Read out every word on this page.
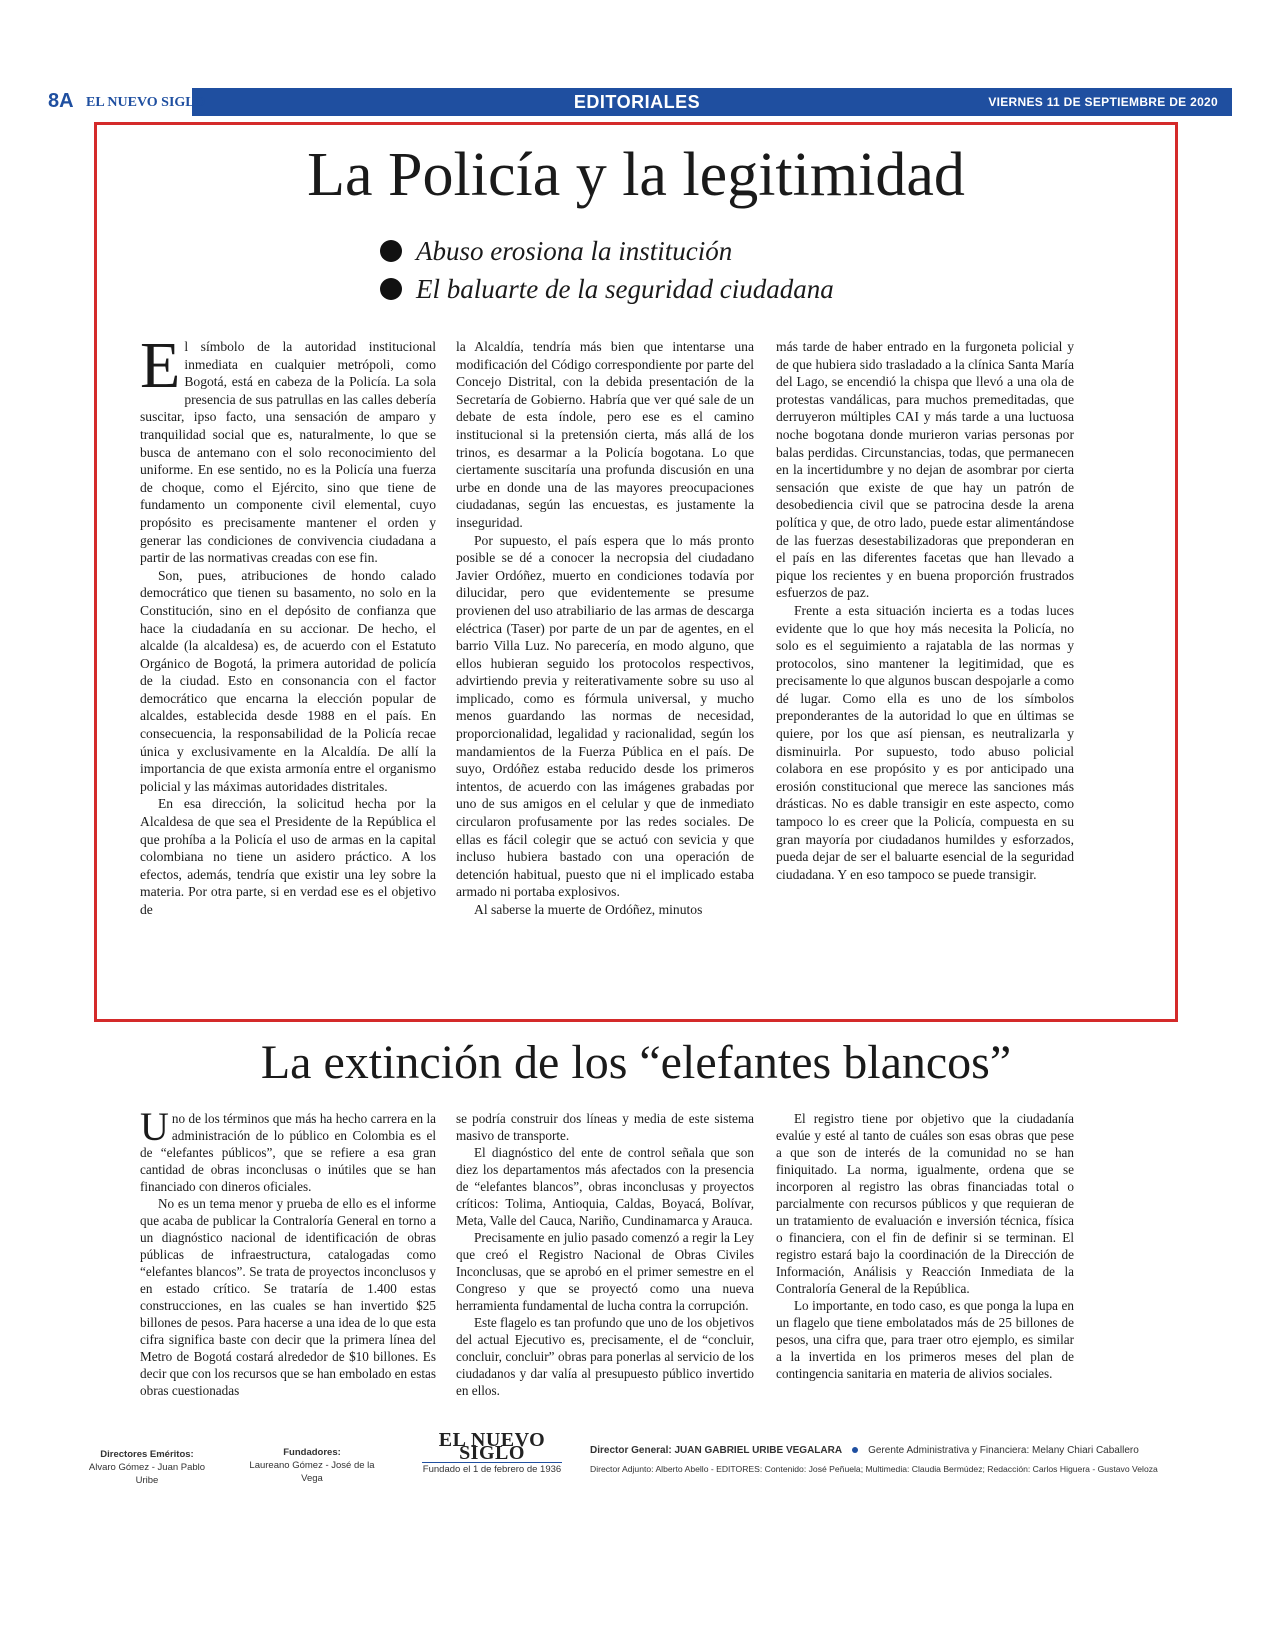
8A EL NUEVO SIGLO	EDITORIALES	VIERNES 11 DE SEPTIEMBRE DE 2020
La Policía y la legitimidad
Abuso erosiona la institución
El baluarte de la seguridad ciudadana

El símbolo de la autoridad institucional inmediata en cualquier metrópoli, como Bogotá, está en cabeza de la Policía. La sola presencia de sus patrullas en las calles debería suscitar, ipso facto, una sensación de amparo y tranquilidad social que es, naturalmente, lo que se busca de antemano con el solo reconocimiento del uniforme. En ese sentido, no es la Policía una fuerza de choque, como el Ejército, sino que tiene de fundamento un componente civil elemental, cuyo propósito es precisamente mantener el orden y generar las condiciones de convivencia ciudadana a partir de las normativas creadas con ese fin.

Son, pues, atribuciones de hondo calado democrático que tienen su basamento, no solo en la Constitución, sino en el depósito de confianza que hace la ciudadanía en su accionar. De hecho, el alcalde (la alcaldesa) es, de acuerdo con el Estatuto Orgánico de Bogotá, la primera autoridad de policía de la ciudad. Esto en consonancia con el factor democrático que encarna la elección popular de alcaldes, establecida desde 1988 en el país. En consecuencia, la responsabilidad de la Policía recae única y exclusivamente en la Alcaldía. De allí la importancia de que exista armonía entre el organismo policial y las máximas autoridades distritales.

En esa dirección, la solicitud hecha por la Alcaldesa de que sea el Presidente de la República el que prohíba a la Policía el uso de armas en la capital colombiana no tiene un asidero práctico. A los efectos, además, tendría que existir una ley sobre la materia. Por otra parte, si en verdad ese es el objetivo de

la Alcaldía, tendría más bien que intentarse una modificación del Código correspondiente por parte del Concejo Distrital, con la debida presentación de la Secretaría de Gobierno. Habría que ver qué sale de un debate de esta índole, pero ese es el camino institucional si la pretensión cierta, más allá de los trinos, es desarmar a la Policía bogotana. Lo que ciertamente suscitaría una profunda discusión en una urbe en donde una de las mayores preocupaciones ciudadanas, según las encuestas, es justamente la inseguridad.

Por supuesto, el país espera que lo más pronto posible se dé a conocer la necropsia del ciudadano Javier Ordóñez, muerto en condiciones todavía por dilucidar, pero que evidentemente se presume provienen del uso atrabiliario de las armas de descarga eléctrica (Taser) por parte de un par de agentes, en el barrio Villa Luz. No parecería, en modo alguno, que ellos hubieran seguido los protocolos respectivos, advirtiendo previa y reiterativamente sobre su uso al implicado, como es fórmula universal, y mucho menos guardando las normas de necesidad, proporcionalidad, legalidad y racionalidad, según los mandamientos de la Fuerza Pública en el país. De suyo, Ordóñez estaba reducido desde los primeros intentos, de acuerdo con las imágenes grabadas por uno de sus amigos en el celular y que de inmediato circularon profusamente por las redes sociales. De ellas es fácil colegir que se actuó con sevicia y que incluso hubiera bastado con una operación de detención habitual, puesto que ni el implicado estaba armado ni portaba explosivos.

Al saberse la muerte de Ordóñez, minutos

más tarde de haber entrado en la furgoneta policial y de que hubiera sido trasladado a la clínica Santa María del Lago, se encendió la chispa que llevó a una ola de protestas vandálicas, para muchos premeditadas, que derruyeron múltiples CAI y más tarde a una luctuosa noche bogotana donde murieron varias personas por balas perdidas. Circunstancias, todas, que permanecen en la incertidumbre y no dejan de asombrar por cierta sensación que existe de que hay un patrón de desobediencia civil que se patrocina desde la arena política y que, de otro lado, puede estar alimentándose de las fuerzas desestabilizadoras que preponderan en el país en las diferentes facetas que han llevado a pique los recientes y en buena proporción frustrados esfuerzos de paz.

Frente a esta situación incierta es a todas luces evidente que lo que hoy más necesita la Policía, no solo es el seguimiento a rajatabla de las normas y protocolos, sino mantener la legitimidad, que es precisamente lo que algunos buscan despojarle a como dé lugar. Como ella es uno de los símbolos preponderantes de la autoridad lo que en últimas se quiere, por los que así piensan, es neutralizarla y disminuirla. Por supuesto, todo abuso policial colabora en ese propósito y es por anticipado una erosión constitucional que merece las sanciones más drásticas. No es dable transigir en este aspecto, como tampoco lo es creer que la Policía, compuesta en su gran mayoría por ciudadanos humildes y esforzados, pueda dejar de ser el baluarte esencial de la seguridad ciudadana. Y en eso tampoco se puede transigir.

La extinción de los “elefantes blancos”

Uno de los términos que más ha hecho carrera en la administración de lo público en Colombia es el de “elefantes públicos”, que se refiere a esa gran cantidad de obras inconclusas o inútiles que se han financiado con dineros oficiales.

No es un tema menor y prueba de ello es el informe que acaba de publicar la Contraloría General en torno a un diagnóstico nacional de identificación de obras públicas de infraestructura, catalogadas como “elefantes blancos”. Se trata de proyectos inconclusos y en estado crítico. Se trataría de 1.400 estas construcciones, en las cuales se han invertido $25 billones de pesos. Para hacerse a una idea de lo que esta cifra significa baste con decir que la primera línea del Metro de Bogotá costará alrededor de $10 billones. Es decir que con los recursos que se han embolado en estas obras cuestionadas

se podría construir dos líneas y media de este sistema masivo de transporte.

El diagnóstico del ente de control señala que son diez los departamentos más afectados con la presencia de “elefantes blancos”, obras inconclusas y proyectos críticos: Tolima, Antioquia, Caldas, Boyacá, Bolívar, Meta, Valle del Cauca, Nariño, Cundinamarca y Arauca.

Precisamente en julio pasado comenzó a regir la Ley que creó el Registro Nacional de Obras Civiles Inconclusas, que se aprobó en el primer semestre en el Congreso y que se proyectó como una nueva herramienta fundamental de lucha contra la corrupción.

Este flagelo es tan profundo que uno de los objetivos del actual Ejecutivo es, precisamente, el de “concluir, concluir, concluir” obras para ponerlas al servicio de los ciudadanos y dar valía al presupuesto público invertido en ellos.

El registro tiene por objetivo que la ciudadanía evalúe y esté al tanto de cuáles son esas obras que pese a que son de interés de la comunidad no se han finiquitado. La norma, igualmente, ordena que se incorporen al registro las obras financiadas total o parcialmente con recursos públicos y que requieran de un tratamiento de evaluación e inversión técnica, física o financiera, con el fin de definir si se terminan. El registro estará bajo la coordinación de la Dirección de Información, Análisis y Reacción Inmediata de la Contraloría General de la República.

Lo importante, en todo caso, es que ponga la lupa en un flagelo que tiene embolatados más de 25 billones de pesos, una cifra que, para traer otro ejemplo, es similar a la invertida en los primeros meses del plan de contingencia sanitaria en materia de alivios sociales.

Directores Eméritos:
Alvaro Gómez - Juan Pablo Uribe
Fundadores:
Laureano Gómez - José de la Vega
EL NUEVO SIGLO
Fundado el 1 de febrero de 1936
Director General: JUAN GABRIEL URIBE VEGALARA	Gerente Administrativa y Financiera: Melany Chiari Caballero
Director Adjunto: Alberto Abello - EDITORES: Contenido: José Peñuela; Multimedia: Claudia Bermúdez; Redacción: Carlos Higuera - Gustavo Veloza
